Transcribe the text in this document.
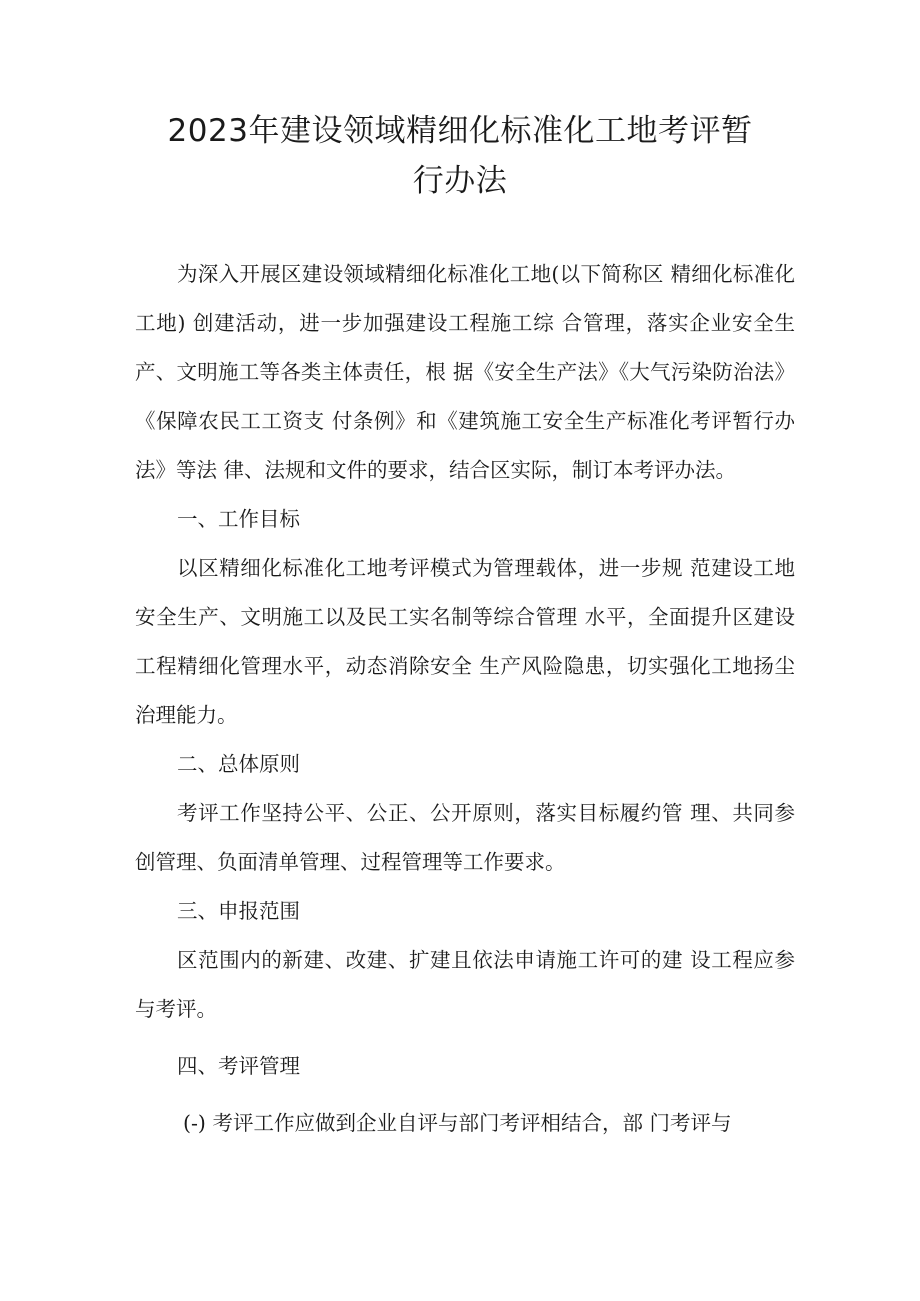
2023年建设领域精细化标准化工地考评暂
行办法

为深入开展区建设领域精细化标准化工地(以下简称区 精细化标准化工地) 创建活动，进一步加强建设工程施工综 合管理，落实企业安全生产、文明施工等各类主体责任，根 据《安全生产法》《大气污染防治法》《保障农民工工资支 付条例》和《建筑施工安全生产标准化考评暂行办法》等法 律、法规和文件的要求，结合区实际，制订本考评办法。

一、工作目标

以区精细化标准化工地考评模式为管理载体，进一步规 范建设工地安全生产、文明施工以及民工实名制等综合管理 水平，全面提升区建设工程精细化管理水平，动态消除安全 生产风险隐患，切实强化工地扬尘治理能力。

二、总体原则

考评工作坚持公平、公正、公开原则，落实目标履约管 理、共同参创管理、负面清单管理、过程管理等工作要求。

三、申报范围

区范围内的新建、改建、扩建且依法申请施工许可的建 设工程应参与考评。

四、考评管理

(-) 考评工作应做到企业自评与部门考评相结合，部 门考评与
